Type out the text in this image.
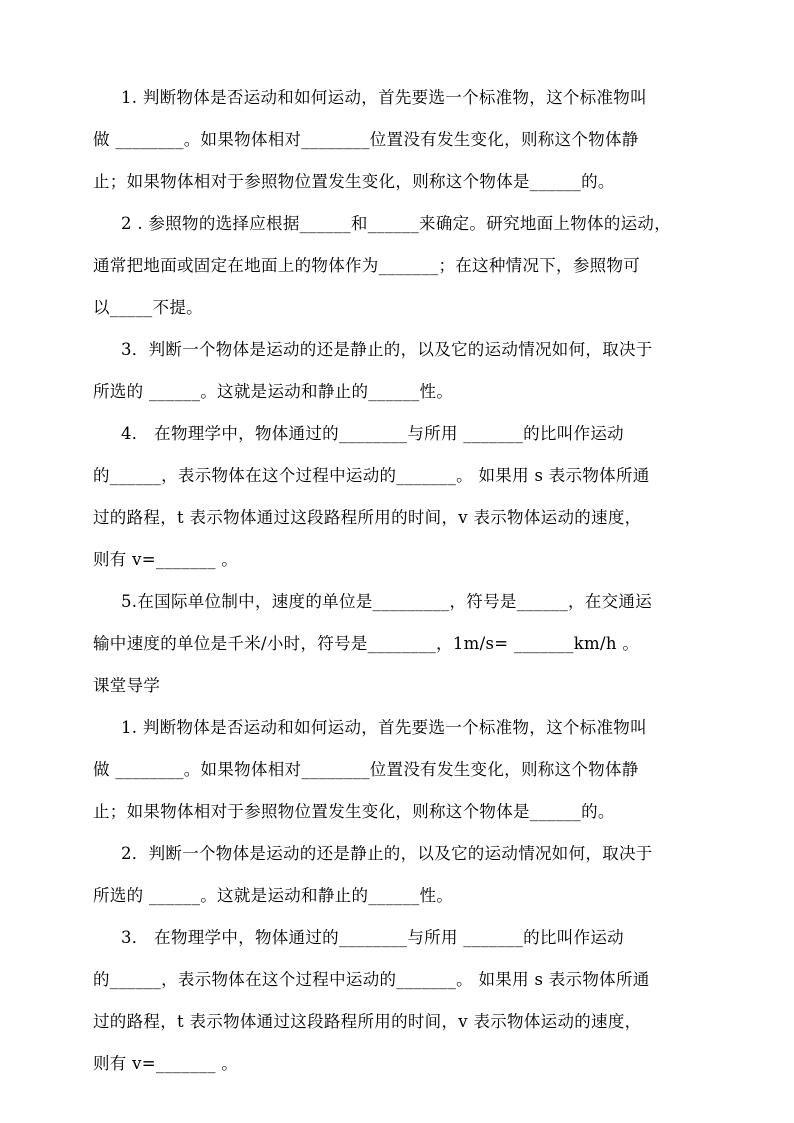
1. 判断物体是否运动和如何运动，首先要选一个标准物，这个标准物叫
做 ________。如果物体相对________位置没有发生变化，则称这个物体静
止；如果物体相对于参照物位置发生变化，则称这个物体是______的。
2 . 参照物的选择应根据______和______来确定。研究地面上物体的运动，
通常把地面或固定在地面上的物体作为_______；在这种情况下，参照物可
以_____不提。
3．判断一个物体是运动的还是静止的，以及它的运动情况如何，取决于
所选的 ______。这就是运动和静止的______性。
4． 在物理学中，物体通过的________与所用 _______的比叫作运动
的______，表示物体在这个过程中运动的_______。 如果用 s 表示物体所通
过的路程，t 表示物体通过这段路程所用的时间，v 表示物体运动的速度，
则有 v=_______ 。
5.在国际单位制中，速度的单位是_________，符号是______，在交通运
输中速度的单位是千米/小时，符号是________，1m/s= _______km/h 。
课堂导学
1. 判断物体是否运动和如何运动，首先要选一个标准物，这个标准物叫
做 ________。如果物体相对________位置没有发生变化，则称这个物体静
止；如果物体相对于参照物位置发生变化，则称这个物体是______的。
2．判断一个物体是运动的还是静止的，以及它的运动情况如何，取决于
所选的 ______。这就是运动和静止的______性。
3． 在物理学中，物体通过的________与所用 _______的比叫作运动
的______，表示物体在这个过程中运动的_______。 如果用 s 表示物体所通
过的路程，t 表示物体通过这段路程所用的时间，v 表示物体运动的速度，
则有 v=_______ 。
